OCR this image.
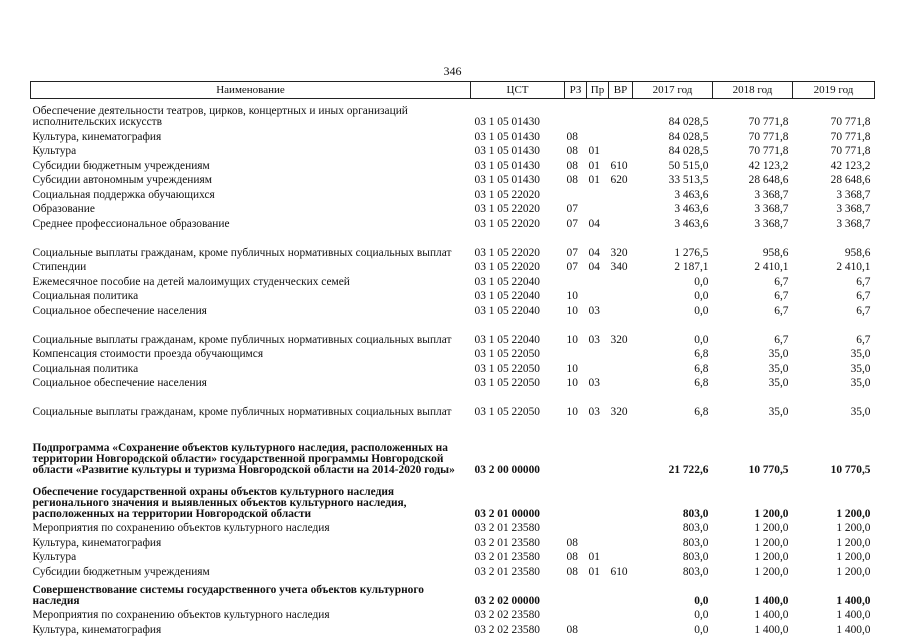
346
Наименование	ЦСТ	РЗ	Пр	ВР	2017 год	2018 год	2019 год
Обеспечение деятельности театров, цирков, концертных и иных организаций исполнительских искусств	03 1 05 01430				84 028,5	70 771,8	70 771,8
Культура, кинематография	03 1 05 01430	08			84 028,5	70 771,8	70 771,8
Культура	03 1 05 01430	08	01		84 028,5	70 771,8	70 771,8
Субсидии бюджетным учреждениям	03 1 05 01430	08	01	610	50 515,0	42 123,2	42 123,2
Субсидии автономным учреждениям	03 1 05 01430	08	01	620	33 513,5	28 648,6	28 648,6
Социальная поддержка обучающихся	03 1 05 22020				3 463,6	3 368,7	3 368,7
Образование	03 1 05 22020	07			3 463,6	3 368,7	3 368,7
Среднее профессиональное образование	03 1 05 22020	07	04		3 463,6	3 368,7	3 368,7
Социальные выплаты гражданам, кроме публичных нормативных социальных выплат	03 1 05 22020	07	04	320	1 276,5	958,6	958,6
Стипендии	03 1 05 22020	07	04	340	2 187,1	2 410,1	2 410,1
Ежемесячное пособие на детей малоимущих студенческих семей	03 1 05 22040				0,0	6,7	6,7
Социальная политика	03 1 05 22040	10			0,0	6,7	6,7
Социальное обеспечение населения	03 1 05 22040	10	03		0,0	6,7	6,7
Социальные выплаты гражданам, кроме публичных нормативных социальных выплат	03 1 05 22040	10	03	320	0,0	6,7	6,7
Компенсация стоимости проезда обучающимся	03 1 05 22050				6,8	35,0	35,0
Социальная политика	03 1 05 22050	10			6,8	35,0	35,0
Социальное обеспечение населения	03 1 05 22050	10	03		6,8	35,0	35,0
Социальные выплаты гражданам, кроме публичных нормативных социальных выплат	03 1 05 22050	10	03	320	6,8	35,0	35,0
Подпрограмма «Сохранение объектов культурного наследия, расположенных на территории Новгородской области» государственной программы Новгородской области «Развитие культуры и туризма Новгородской области на 2014-2020 годы»	03 2 00 00000				21 722,6	10 770,5	10 770,5
Обеспечение государственной охраны объектов культурного наследия регионального значения и выявленных объектов культурного наследия, расположенных на территории Новгородской области	03 2 01 00000				803,0	1 200,0	1 200,0
Мероприятия по сохранению объектов культурного наследия	03 2 01 23580				803,0	1 200,0	1 200,0
Культура, кинематография	03 2 01 23580	08			803,0	1 200,0	1 200,0
Культура	03 2 01 23580	08	01		803,0	1 200,0	1 200,0
Субсидии бюджетным учреждениям	03 2 01 23580	08	01	610	803,0	1 200,0	1 200,0
Совершенствование системы государственного учета объектов культурного наследия	03 2 02 00000				0,0	1 400,0	1 400,0
Мероприятия по сохранению объектов культурного наследия	03 2 02 23580				0,0	1 400,0	1 400,0
Культура, кинематография	03 2 02 23580	08			0,0	1 400,0	1 400,0
